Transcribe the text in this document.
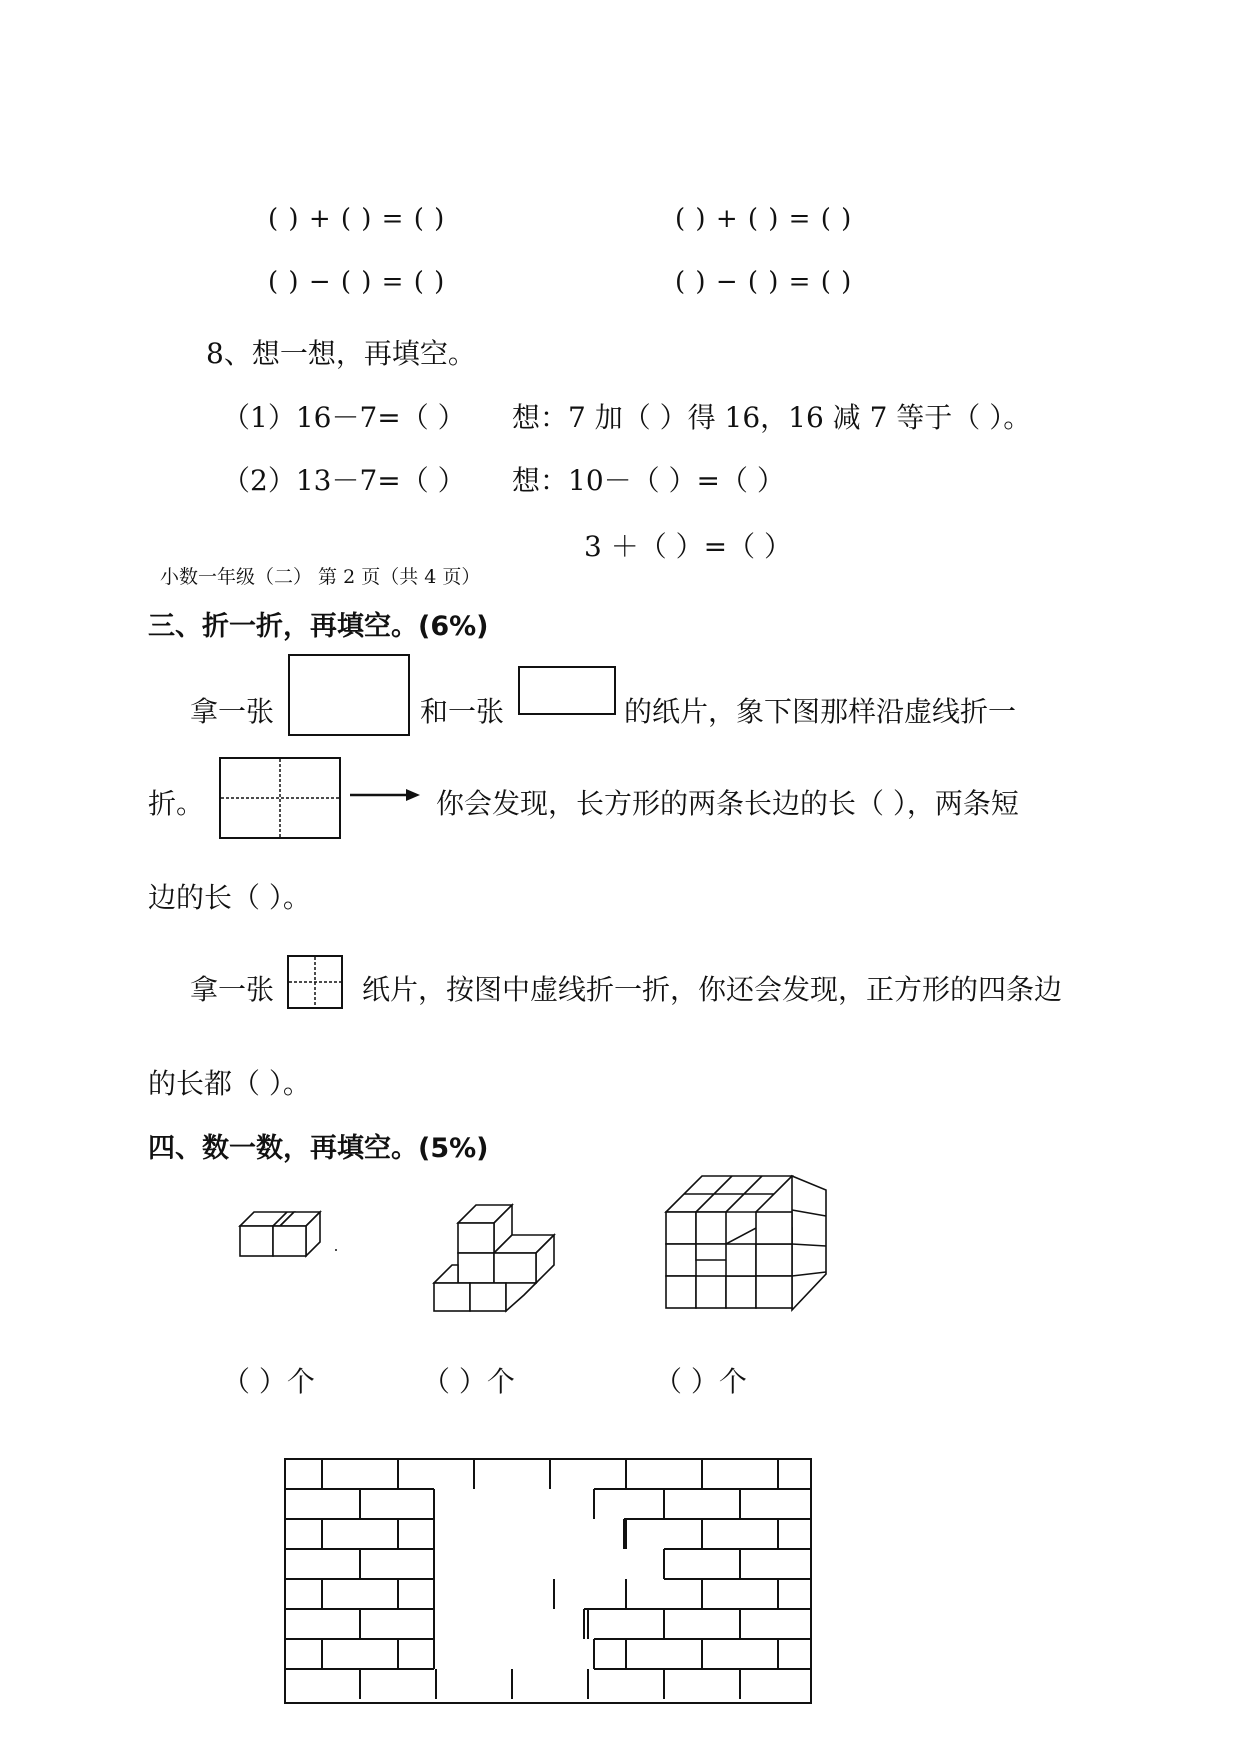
( ) + ( ) = ( )	( ) + ( ) = ( )
( ) − ( ) = ( )	( ) − ( ) = ( )
8、想一想，再填空。
（1）16－7=（ ） 想：7 加（ ）得 16，16 减 7 等于（ ）。
（2）13－7=（ ） 想：10－（ ）=（ ）
3 ＋（ ）=（ ）
小数一年级（二） 第 2 页（共 4 页）
三、折一折，再填空。(6%)
拿一张	和一张	的纸片，象下图那样沿虚线折一
折。	你会发现，长方形的两条长边的长（ ），两条短
边的长（ ）。
拿一张	纸片，按图中虚线折一折，你还会发现，正方形的四条边
的长都（ ）。
四、数一数，再填空。(5%)
（ ）个	（ ）个	（ ）个
